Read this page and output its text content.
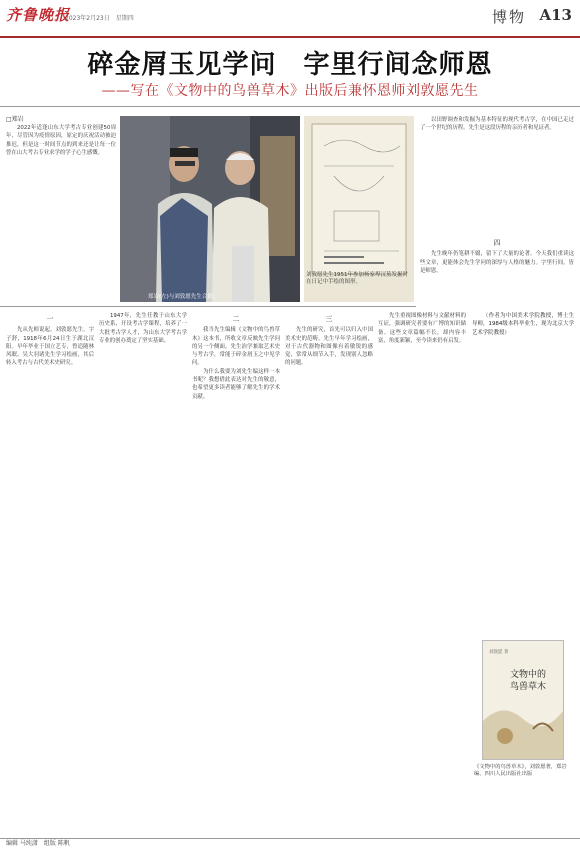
齐鲁晚报
2023年2月23日　星期四	博物 A13
碎金屑玉见学问　字里行间念师恩
——写在《文物中的鸟兽草木》出版后兼怀恩师刘敦愿先生
□郑岩

2022年适逢山东大学考古专业创建50周年，尽管因为疫情原因，原定的庆祝活动被迫推迟，但是这一时间节点的到来还是让每一位曾在山大考古专业求学的学子心生感慨。

郑岩(左)与刘敦愿先生合影。
刘敦愿先生1951年参加杨家埠汉墓发掘时在日记中手绘的图形。

以田野调查和发掘为基本特征的现代考古学，在中国已走过了一个世纪的历程。先生是这段历程的亲历者和见证者。

四

先生晚年仍笔耕不辍，留下了大量的论著。今天我们重读这些文章，更能体会先生学问的深厚与人格的魅力。字里行间，皆是师恩。

一

先从先师说起。刘敦愿先生，字子舒，1918年6月24日生于湖北汉阳。早年毕业于国立艺专，曾追随林风眠、吴大羽诸先生学习绘画，其后转入考古与古代美术史研究。

1947年，先生任教于山东大学历史系，开设考古学课程，培养了一大批考古学人才，为山东大学考古学专业的创办奠定了坚实基础。

二

我当先生编辑《文物中的鸟兽草木》这本书，所收文章反映先生学问的另一个侧面。先生治学兼取艺术史与考古学，常能于碎金屑玉之中见学问。

为什么我要为刘先生编这样一本书呢？我想借此表达对先生的敬意，也希望更多读者能够了解先生的学术贡献。

三

先生的研究，首先可以归入中国美术史的范畴。先生早年学习绘画，对于古代器物和图像有着敏锐的感觉，常常从细节入手，发现别人忽略的问题。

先生重视图像材料与文献材料的互证，强调研究者要有广博的知识储备。这些文章篇幅不长，却内容丰富，角度新颖，至今读来仍有启发。

（作者为中国美术学院教授，博士生导师，1984级本科毕业生，现为北京大学艺术学院教授）

刘敦愿 著
文物中的
鸟兽草木
《文物中的鸟兽草木》，刘敦愿著，郑岩编，四川人民出版社出版
编辑 马纯潇　组版 陈帆
